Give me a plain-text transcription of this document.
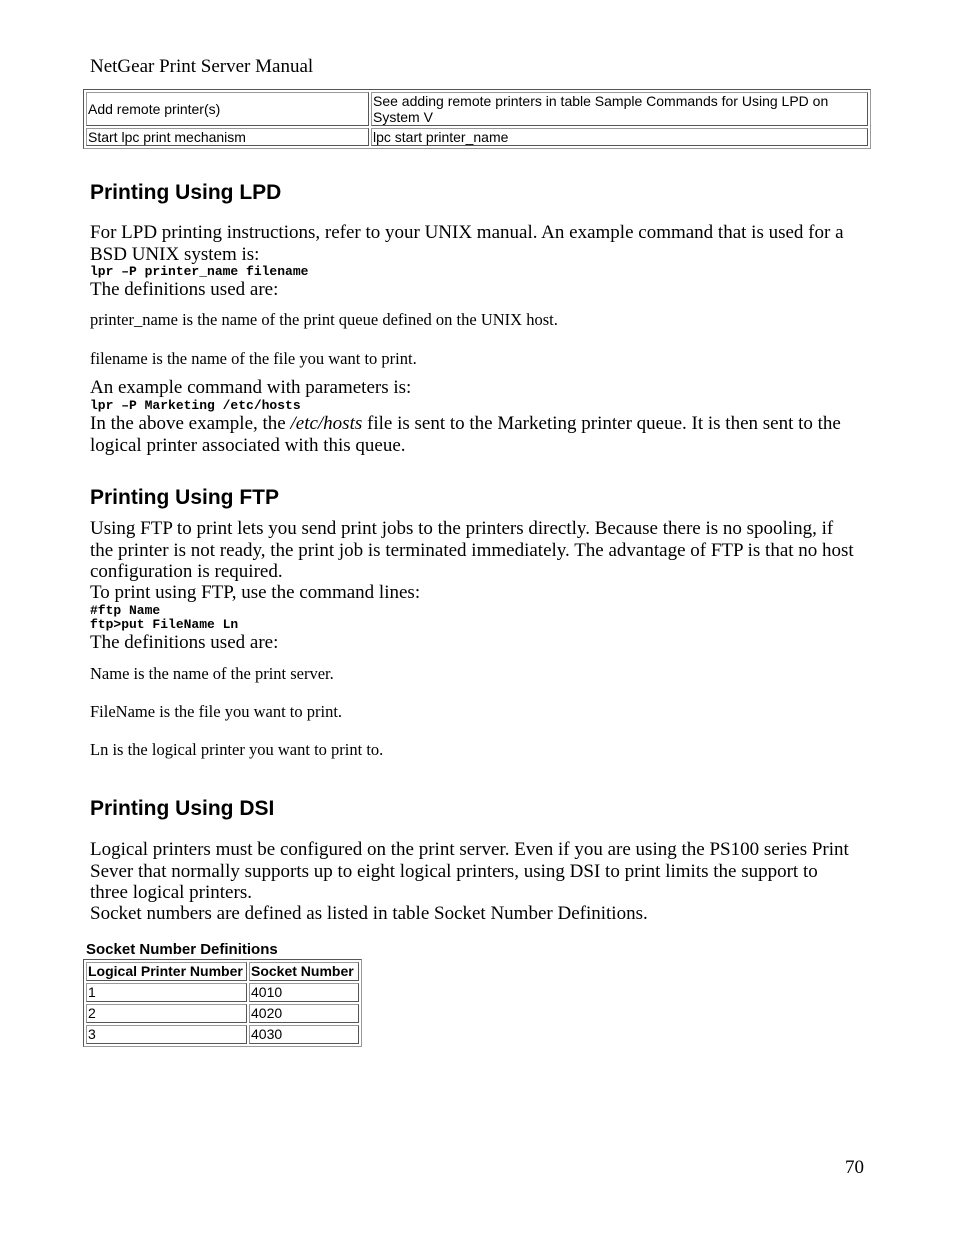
NetGear Print Server Manual
Add remote printer(s)	See adding remote printers in table Sample Commands for Using LPD on System V
Start lpc print mechanism	lpc start printer_name
Printing Using LPD
For LPD printing instructions, refer to your UNIX manual. An example command that is used for a BSD UNIX system is:
lpr –P printer_name filename
The definitions used are:
printer_name is the name of the print queue defined on the UNIX host.
filename is the name of the file you want to print.
An example command with parameters is:
lpr –P Marketing /etc/hosts
In the above example, the /etc/hosts file is sent to the Marketing printer queue. It is then sent to the logical printer associated with this queue.
Printing Using FTP
Using FTP to print lets you send print jobs to the printers directly. Because there is no spooling, if the printer is not ready, the print job is terminated immediately. The advantage of FTP is that no host configuration is required.
To print using FTP, use the command lines:
#ftp Name
ftp>put FileName Ln
The definitions used are:
Name is the name of the print server.
FileName is the file you want to print.
Ln is the logical printer you want to print to.
Printing Using DSI
Logical printers must be configured on the print server. Even if you are using the PS100 series Print Sever that normally supports up to eight logical printers, using DSI to print limits the support to three logical printers.
Socket numbers are defined as listed in table Socket Number Definitions.
Socket Number Definitions
Logical Printer Number	Socket Number
1	4010
2	4020
3	4030
70
